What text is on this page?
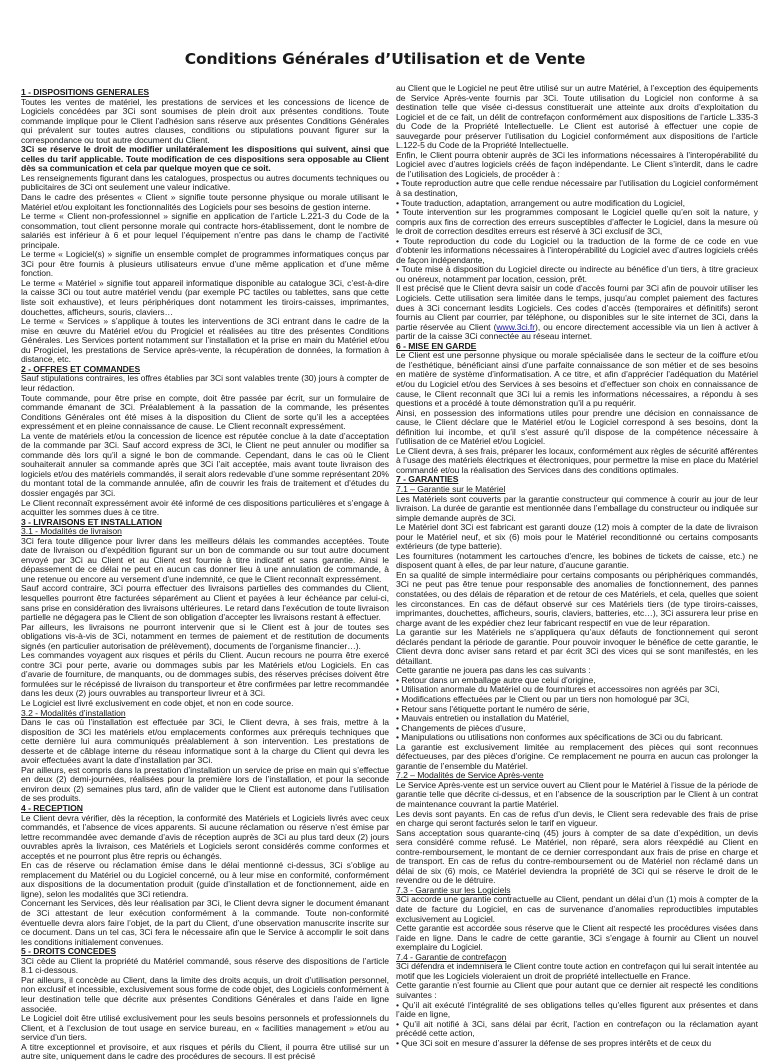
Conditions Générales d’Utilisation et de Vente

1 - DISPOSITIONS GENERALES

Toutes les ventes de matériel, les prestations de services et les concessions de licence de Logiciels concédées par 3Ci sont soumises de plein droit aux présentes conditions. Toute commande implique pour le Client l’adhésion sans réserve aux présentes Conditions Générales qui prévalent sur toutes autres clauses, conditions ou stipulations pouvant figurer sur la correspondance ou tout autre document du Client.

3Ci se réserve le droit de modifier unilatéralement les dispositions qui suivent, ainsi que celles du tarif applicable. Toute modification de ces dispositions sera opposable au Client dès sa communication et cela par quelque moyen que ce soit.

Les renseignements figurant dans les catalogues, prospectus ou autres documents techniques ou publicitaires de 3Ci ont seulement une valeur indicative.

Dans le cadre des présentes « Client » signifie toute personne physique ou morale utilisant le Matériel et/ou exploitant les fonctionnalités des Logiciels pour ses besoins de gestion interne.

Le terme « Client non-professionnel » signifie en application de l’article L.221-3 du Code de la consommation, tout client personne morale qui contracte hors-établissement, dont le nombre de salariés est inférieur à 6 et pour lequel l’équipement n’entre pas dans le champ de l’activité principale.

Le terme « Logiciel(s) » signifie un ensemble complet de programmes informatiques conçus par 3Ci pour être fournis à plusieurs utilisateurs envue d’une même application et d’une même fonction.

Le terme « Matériel » signifie tout appareil informatique disponible au catalogue 3Ci, c’est-à-dire la caisse 3Ci ou tout autre matériel vendu (par exemple PC tactiles ou tablettes, sans que cette liste soit exhaustive), et leurs périphériques dont notamment les tiroirs-caisses, imprimantes, douchettes, afficheurs, souris, claviers…

Le terme « Services » s’applique à toutes les interventions de 3Ci entrant dans le cadre de la mise en œuvre du Matériel et/ou du Progiciel et réalisées au titre des présentes Conditions Générales. Les Services portent notamment sur l’installation et la prise en main du Matériel et/ou du Progiciel, les prestations de Service après-vente, la récupération de données, la formation à distance, etc.

2 - OFFRES ET COMMANDES

Sauf stipulations contraires, les offres établies par 3Ci sont valables trente (30) jours à compter de leur rédaction.

Toute commande, pour être prise en compte, doit être passée par écrit, sur un formulaire de commande émanant de 3Ci. Préalablement à la passation de la commande, les présentes Conditions Générales ont été mises à la disposition du Client de sorte qu’il les a acceptées expressément et en pleine connaissance de cause. Le Client reconnaît expressément.

La vente de matériels et/ou la concession de licence est réputée conclue à la date d’acceptation de la commande par 3Ci. Sauf accord express de 3Ci, le Client ne peut annuler ou modifier sa commande dès lors qu’il a signé le bon de commande. Cependant, dans le cas où le Client souhaiterait annuler sa commande après que 3Ci l’ait acceptée, mais avant toute livraison des logiciels et/ou des matériels commandés, il serait alors redevable d’une somme représentant 20% du montant total de la commande annulée, afin de couvrir les frais de traitement et d’études du dossier engagés par 3Ci.

Le Client reconnaît expressément avoir été informé de ces dispositions particulières et s’engage à acquitter les sommes dues à ce titre.

3 - LIVRAISONS ET INSTALLATION

3.1 - Modalités de livraison

3Ci fera toute diligence pour livrer dans les meilleurs délais les commandes acceptées. Toute date de livraison ou d’expédition figurant sur un bon de commande ou sur tout autre document envoyé par 3Ci au Client et au Client est fournie à titre indicatif et sans garantie. Ainsi le dépassement de ce délai ne peut en aucun cas donner lieu à une annulation de commande, à une retenue ou encore au versement d’une indemnité, ce que le Client reconnaît expressément.

Sauf accord contraire, 3Ci pourra effectuer des livraisons partielles des commandes du Client, lesquelles pourront être facturées séparément au Client et payées à leur échéance par celui-ci, sans prise en considération des livraisons ultérieures. Le retard dans l’exécution de toute livraison partielle ne dégagera pas le Client de son obligation d’accepter les livraisons restant à effectuer.

Par ailleurs, les livraisons ne pourront intervenir que si le Client est à jour de toutes ses obligations vis-à-vis de 3Ci, notamment en termes de paiement et de restitution de documents signés (en particulier autorisation de prélèvement), documents de l’organisme financier…).

Les commandes voyagent aux risques et périls du Client. Aucun recours ne pourra être exercé contre 3Ci pour perte, avarie ou dommages subis par les Matériels et/ou Logiciels. En cas d’avarie de fourniture, de manquants, ou de dommages subis, des réserves précises doivent être formulées sur le récépissé de livraison du transporteur et être confirmées par lettre recommandée dans les deux (2) jours ouvrables au transporteur livreur et à 3Ci.

Le Logiciel est livré exclusivement en code objet, et non en code source.

3.2 - Modalités d’installation

Dans le cas où l’installation est effectuée par 3Ci, le Client devra, à ses frais, mettre à la disposition de 3Ci les matériels et/ou emplacements conformes aux prérequis techniques que cette dernière lui aura communiqués préalablement à son intervention. Les prestations de desserte et de câblage interne du réseau informatique sont à la charge du Client qui devra les avoir effectuées avant la date d’installation par 3Ci.

Par ailleurs, est compris dans la prestation d’installation un service de prise en main qui s’effectue en deux (2) demi-journées, réalisées pour la première lors de l’installation, et pour la seconde environ deux (2) semaines plus tard, afin de valider que le Client est autonome dans l’utilisation de ses produits.

4 - RECEPTION

Le Client devra vérifier, dès la réception, la conformité des Matériels et Logiciels livrés avec ceux commandés, et l’absence de vices apparents. Si aucune réclamation ou réserve n’est émise par lettre recommandée avec demande d’avis de réception auprès de 3Ci au plus tard deux (2) jours ouvrables après la livraison, ces Matériels et Logiciels seront considérés comme conformes et acceptés et ne pourront plus être repris ou échangés.

En cas de réserve ou réclamation émise dans le délai mentionné ci-dessus, 3Ci s’oblige au remplacement du Matériel ou du Logiciel concerné, ou à leur mise en conformité, conformément aux dispositions de la documentation produit (guide d’installation et de fonctionnement, aide en ligne), selon les modalités que 3Ci retiendra.

Concernant les Services, dès leur réalisation par 3Ci, le Client devra signer le document émanant de 3Ci attestant de leur exécution conformément à la commande. Toute non-conformité éventuelle devra alors faire l’objet, de la part du Client, d’une observation manuscrite inscrite sur ce document. Dans un tel cas, 3Ci fera le nécessaire afin que le Service à accomplir le soit dans les conditions initialement convenues.

5 - DROITS CONCEDES

3Ci cède au Client la propriété du Matériel commandé, sous réserve des dispositions de l’article 8.1 ci-dessous.

Par ailleurs, il concède au Client, dans la limite des droits acquis, un droit d’utilisation personnel, non exclusif et incessible, exclusivement sous forme de code objet, des Logiciels conformément à leur destination telle que décrite aux présentes Conditions Générales et dans l’aide en ligne associée.

Le Logiciel doit être utilisé exclusivement pour les seuls besoins personnels et professionnels du Client, et à l’exclusion de tout usage en service bureau, en « facilities management » et/ou au service d’un tiers.

A titre exceptionnel et provisoire, et aux risques et périls du Client, il pourra être utilisé sur un autre site, uniquement dans le cadre des procédures de secours. Il est précisé

au Client que le Logiciel ne peut être utilisé sur un autre Matériel, à l’exception des équipements de Service Après-vente fournis par 3Ci. Toute utilisation du Logiciel non conforme à sa destination telle que visée ci-dessus constituerait une atteinte aux droits d’exploitation du Logiciel et de ce fait, un délit de contrefaçon conformément aux dispositions de l’article L.335-3 du Code de la Propriété Intellectuelle. Le Client est autorisé à effectuer une copie de sauvegarde pour préserver l’utilisation du Logiciel conformément aux dispositions de l’article L.122-5 du Code de la Propriété Intellectuelle.

Enfin, le Client pourra obtenir auprès de 3Ci les informations nécessaires à l’interopérabilité du Logiciel avec d’autres logiciels créés de façon indépendante. Le Client s’interdit, dans le cadre de l’utilisation des Logiciels, de procéder à :

• Toute reproduction autre que celle rendue nécessaire par l’utilisation du Logiciel conformément à sa destination,

• Toute traduction, adaptation, arrangement ou autre modification du Logiciel,

• Toute intervention sur les programmes composant le Logiciel quelle qu’en soit la nature, y compris aux fins de correction des erreurs susceptibles d’affecter le Logiciel, dans la mesure où le droit de correction desdites erreurs est réservé à 3Ci exclusif de 3Ci,

• Toute reproduction du code du Logiciel ou la traduction de la forme de ce code en vue d’obtenir les informations nécessaires à l’interopérabilité du Logiciel avec d’autres logiciels créés de façon indépendante,

• Toute mise à disposition du Logiciel directe ou indirecte au bénéfice d’un tiers, à titre gracieux ou onéreux, notamment par location, cession, prêt.

Il est précisé que le Client devra saisir un code d’accès fourni par 3Ci afin de pouvoir utiliser les Logiciels. Cette utilisation sera limitée dans le temps, jusqu’au complet paiement des factures dues à 3Ci concernant lesdits Logiciels. Ces codes d’accès (temporaires et définitifs) seront fournis au Client par courrier, par téléphone, ou disponibles sur le site internet de 3Ci, dans la partie réservée au Client (www.3ci.fr), ou encore directement accessible via un lien à activer à partir de la caisse 3Ci connectée au réseau internet.

6 - MISE EN GARDE

Le Client est une personne physique ou morale spécialisée dans le secteur de la coiffure et/ou de l’esthétique, bénéficiant ainsi d’une parfaite connaissance de son métier et de ses besoins en matière de système d’informatisation. A ce titre, et afin d’apprécier l’adéquation du Matériel et/ou du Logiciel et/ou des Services à ses besoins et d’effectuer son choix en connaissance de cause, le Client reconnaît que 3Ci lui a remis les informations nécessaires, a répondu à ses questions et a procédé à toute démonstration qu’il a pu requérir.

Ainsi, en possession des informations utiles pour prendre une décision en connaissance de cause, le Client déclare que le Matériel et/ou le Logiciel correspond à ses besoins, dont la définition lui incombe, et qu’il s’est assuré qu’il dispose de la compétence nécessaire à l’utilisation de ce Matériel et/ou Logiciel.

Le Client devra, à ses frais, préparer les locaux, conformément aux règles de sécurité afférentes à l’usage des matériels électriques et électroniques, pour permettre la mise en place du Matériel commandé et/ou la réalisation des Services dans des conditions optimales.

7 - GARANTIES

7.1 – Garantie sur le Matériel

Les Matériels sont couverts par la garantie constructeur qui commence à courir au jour de leur livraison. La durée de garantie est mentionnée dans l’emballage du constructeur ou indiquée sur simple demande auprès de 3Ci.

Le Matériel dont 3Ci est fabricant est garanti douze (12) mois à compter de la date de livraison pour le Matériel neuf, et six (6) mois pour le Matériel reconditionné ou certains composants extérieurs (de type batterie).

Les fournitures (notamment les cartouches d’encre, les bobines de tickets de caisse, etc.) ne disposent quant à elles, de par leur nature, d’aucune garantie.

En sa qualité de simple intermédiaire pour certains composants ou périphériques commandés, 3Ci ne peut pas être tenue pour responsable des anomalies de fonctionnement, des pannes constatées, ou des délais de réparation et de retour de ces Matériels, et cela, quelles que soient les circonstances. En cas de défaut observé sur ces Matériels tiers (de type tiroirs-caisses, imprimantes, douchettes, afficheurs, souris, claviers, batteries, etc…), 3Ci assurera leur prise en charge avant de les expédier chez leur fabricant respectif en vue de leur réparation.

La garantie sur les Matériels ne s’appliquera qu’aux défauts de fonctionnement qui seront déclarés pendant la période de garantie. Pour pouvoir invoquer le bénéfice de cette garantie, le Client devra donc aviser sans retard et par écrit 3Ci des vices qui se sont manifestés, en les détaillant.

Cette garantie ne jouera pas dans les cas suivants :

• Retour dans un emballage autre que celui d’origine,

• Utilisation anormale du Matériel ou de fournitures et accessoires non agréés par 3Ci,

• Modifications effectuées par le Client ou par un tiers non homologué par 3Ci,

• Retour sans l’étiquette portant le numéro de série,

• Mauvais entretien ou installation du Matériel,

• Changements de pièces d’usure,

• Manipulations ou utilisations non conformes aux spécifications de 3Ci ou du fabricant.

La garantie est exclusivement limitée au remplacement des pièces qui sont reconnues défectueuses, par des pièces d’origine. Ce remplacement ne pourra en aucun cas prolonger la garantie de l’ensemble du Matériel.

7.2 – Modalités de Service Après-vente

Le Service Après-vente est un service ouvert au Client pour le Matériel à l’issue de la période de garantie telle que décrite ci-dessus, et en l’absence de la souscription par le Client à un contrat de maintenance couvrant la partie Matériel.

Les devis sont payants. En cas de refus d’un devis, le Client sera redevable des frais de prise en charge qui seront facturés selon le tarif en vigueur.

Sans acceptation sous quarante-cinq (45) jours à compter de sa date d’expédition, un devis sera considéré comme refusé. Le Matériel, non réparé, sera alors réexpédié au Client en contre-remboursement, le montant de ce dernier correspondant aux frais de prise en charge et de transport. En cas de refus du contre-remboursement ou de Matériel non réclamé dans un délai de six (6) mois, ce Matériel deviendra la propriété de 3Ci qui se réserve le droit de le revendre ou de le détruire.

7.3 - Garantie sur les Logiciels

3Ci accorde une garantie contractuelle au Client, pendant un délai d’un (1) mois à compter de la date de facture du Logiciel, en cas de survenance d’anomalies reproductibles imputables exclusivement au Logiciel.

Cette garantie est accordée sous réserve que le Client ait respecté les procédures visées dans l’aide en ligne. Dans le cadre de cette garantie, 3Ci s’engage à fournir au Client un nouvel exemplaire du Logiciel.

7.4 - Garantie de contrefaçon

3Ci défendra et indemnisera le Client contre toute action en contrefaçon qui lui serait intentée au motif que les Logiciels violeraient un droit de propriété intellectuelle en France.

Cette garantie n’est fournie au Client que pour autant que ce dernier ait respecté les conditions suivantes :

• Qu’il ait exécuté l’intégralité de ses obligations telles qu’elles figurent aux présentes et dans l’aide en ligne,

• Qu’il ait notifié à 3Ci, sans délai par écrit, l’action en contrefaçon ou la réclamation ayant précédé cette action,

• Que 3Ci soit en mesure d’assurer la défense de ses propres intérêts et de ceux du
